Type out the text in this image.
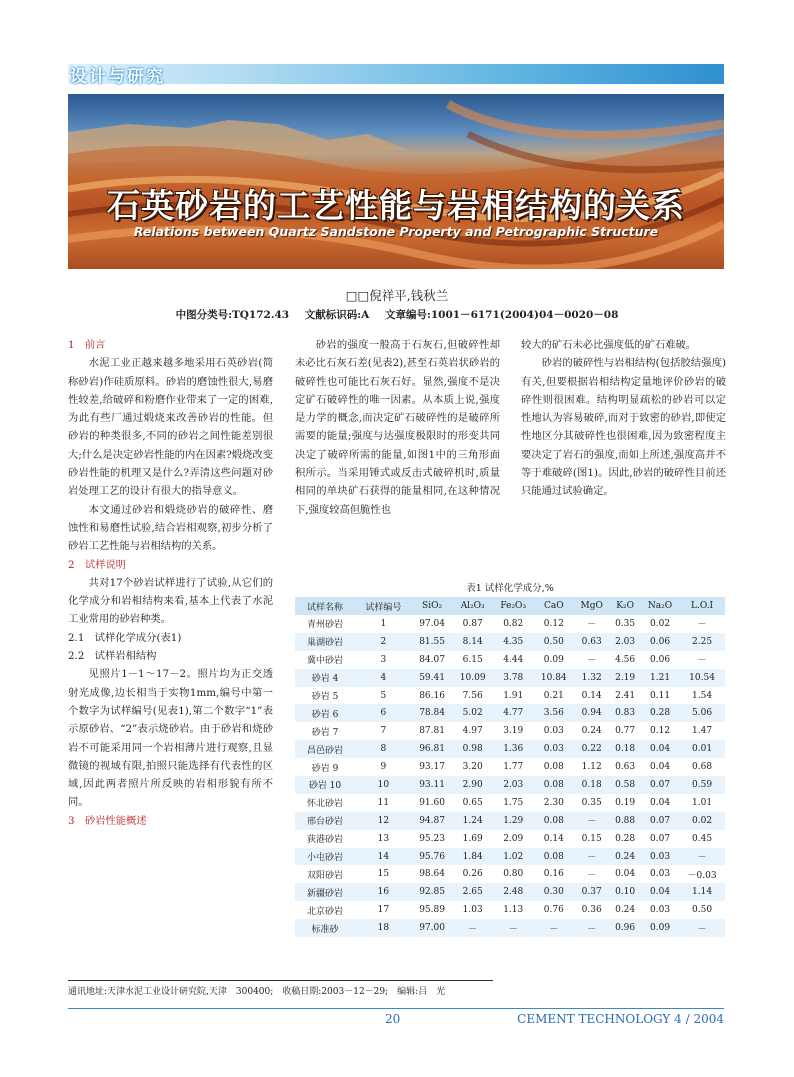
设计与研究
石英砂岩的工艺性能与岩相结构的关系
Relations between Quartz Sandstone Property and Petrographic Structure
□□倪祥平,钱秋兰
中图分类号:TQ172.43 文献标识码:A 文章编号:1001－6171(2004)04－0020－08

1　前言

水泥工业正越来越多地采用石英砂岩(简称砂岩)作硅质原料。砂岩的磨蚀性很大,易磨性较差,给破碎和粉磨作业带来了一定的困难,为此有些厂通过煅烧来改善砂岩的性能。但砂岩的种类很多,不同的砂岩之间性能差别很大;什么是决定砂岩性能的内在因素?煅烧改变砂岩性能的机理又是什么?弄清这些问题对砂岩处理工艺的设计有很大的指导意义。

本文通过砂岩和煅烧砂岩的破碎性、磨蚀性和易磨性试验,结合岩相观察,初步分析了砂岩工艺性能与岩相结构的关系。

2　试样说明

共对17个砂岩试样进行了试验,从它们的化学成分和岩相结构来看,基本上代表了水泥工业常用的砂岩种类。

2.1　试样化学成分(表1)

2.2　试样岩相结构

见照片1－1～17－2。照片均为正交透射光成像,边长相当于实物1mm,编号中第一个数字为试样编号(见表1),第二个数字“1”表示原砂岩、“2”表示烧砂岩。由于砂岩和烧砂岩不可能采用同一个岩相薄片进行观察,且显微镜的视域有限,拍照只能选择有代表性的区域,因此两者照片所反映的岩相形貌有所不同。

3　砂岩性能概述

砂岩的强度一般高于石灰石,但破碎性却未必比石灰石差(见表2),甚至石英岩状砂岩的破碎性也可能比石灰石好。显然,强度不是决定矿石破碎性的唯一因素。从本质上说,强度是力学的概念,而决定矿石破碎性的是破碎所需要的能量;强度与达强度极限时的形变共同决定了破碎所需的能量,如图1中的三角形面积所示。当采用锤式或反击式破碎机时,质量相同的单块矿石获得的能量相同,在这种情况下,强度较高但脆性也

较大的矿石未必比强度低的矿石难破。

砂岩的破碎性与岩相结构(包括胶结强度)有关,但要根据岩相结构定量地评价砂岩的破碎性则很困难。结构明显疏松的砂岩可以定性地认为容易破碎,而对于致密的砂岩,即使定性地区分其破碎性也很困难,因为致密程度主要决定了岩石的强度,而如上所述,强度高并不等于难破碎(图1)。因此,砂岩的破碎性目前还只能通过试验确定。

表1 试样化学成分,%
试样名称	试样编号	SiO₂	Al₂O₃	Fe₂O₃	CaO	MgO	K₂O	Na₂O	L.O.I
青州砂岩	1	97.04	0.87	0.82	0.12	－	0.35	0.02	－
巢湖砂岩	2	81.55	8.14	4.35	0.50	0.63	2.03	0.06	2.25
冀中砂岩	3	84.07	6.15	4.44	0.09	－	4.56	0.06	－
砂岩 4	4	59.41	10.09	3.78	10.84	1.32	2.19	1.21	10.54
砂岩 5	5	86.16	7.56	1.91	0.21	0.14	2.41	0.11	1.54
砂岩 6	6	78.84	5.02	4.77	3.56	0.94	0.83	0.28	5.06
砂岩 7	7	87.81	4.97	3.19	0.03	0.24	0.77	0.12	1.47
昌邑砂岩	8	96.81	0.98	1.36	0.03	0.22	0.18	0.04	0.01
砂岩 9	9	93.17	3.20	1.77	0.08	1.12	0.63	0.04	0.68
砂岩 10	10	93.11	2.90	2.03	0.08	0.18	0.58	0.07	0.59
怀北砂岩	11	91.60	0.65	1.75	2.30	0.35	0.19	0.04	1.01
邢台砂岩	12	94.87	1.24	1.29	0.08	－	0.88	0.07	0.02
荻港砂岩	13	95.23	1.69	2.09	0.14	0.15	0.28	0.07	0.45
小屯砂岩	14	95.76	1.84	1.02	0.08	－	0.24	0.03	－
双阳砂岩	15	98.64	0.26	0.80	0.16	－	0.04	0.03	－0.03
新疆砂岩	16	92.85	2.65	2.48	0.30	0.37	0.10	0.04	1.14
北京砂岩	17	95.89	1.03	1.13	0.76	0.36	0.24	0.03	0.50
标准砂	18	97.00	－	－	－	－	0.96	0.09	－
通讯地址:天津水泥工业设计研究院,天津　300400;　收稿日期:2003－12－29;　编辑:吕　光
20	CEMENT TECHNOLOGY 4 / 2004
